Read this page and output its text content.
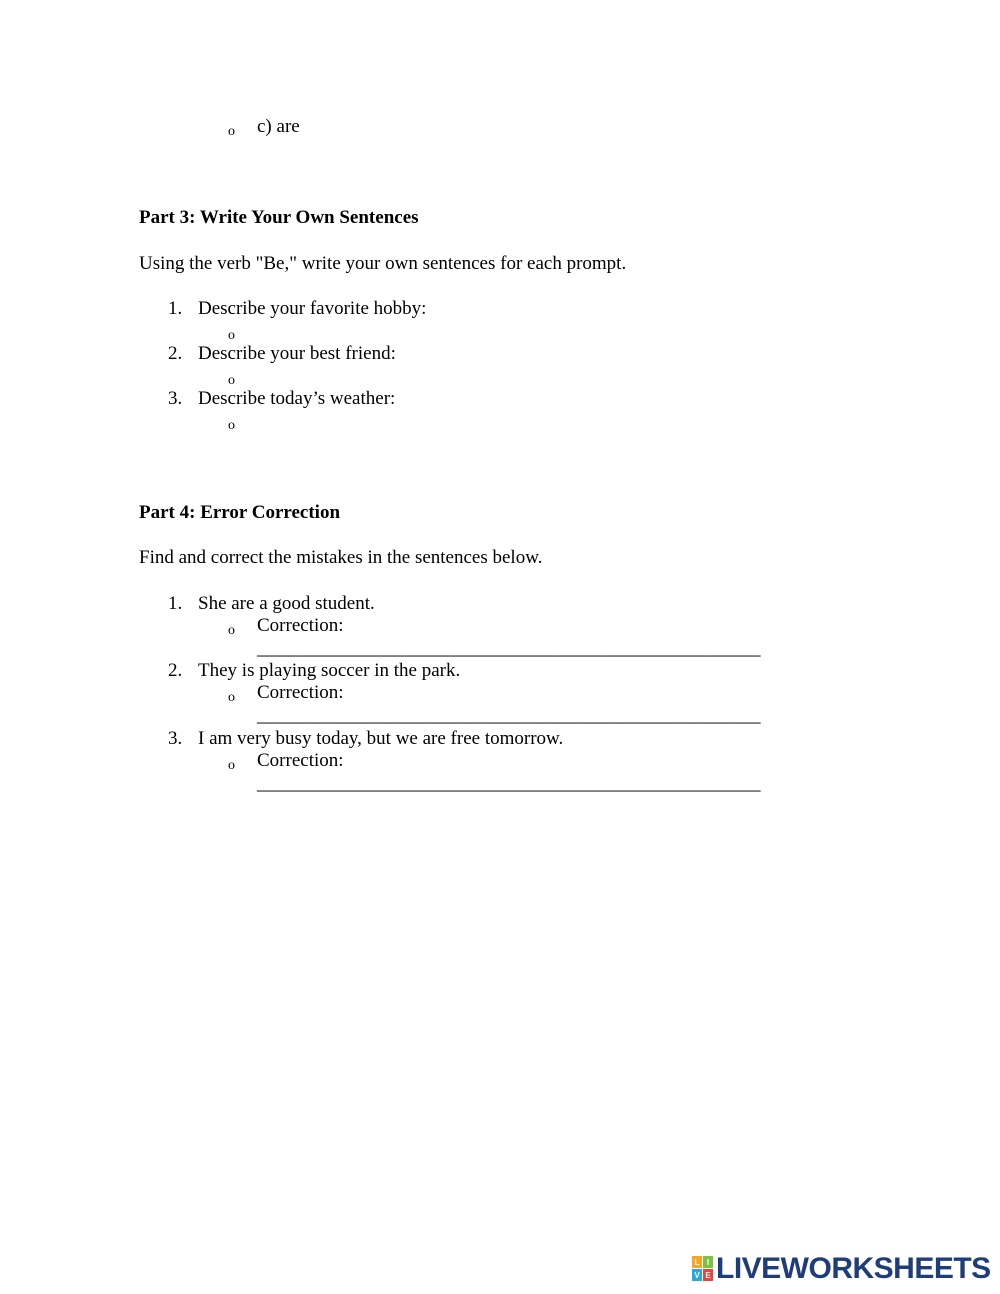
o c) are
Part 3: Write Your Own Sentences
Using the verb "Be," write your own sentences for each prompt.
1. Describe your favorite hobby:
o
2. Describe your best friend:
o
3. Describe today’s weather:
o
Part 4: Error Correction
Find and correct the mistakes in the sentences below.
1. She are a good student.
o Correction:
_____________________________________________________
2. They is playing soccer in the park.
o Correction:
_____________________________________________________
3. I am very busy today, but we are free tomorrow.
o Correction:
_____________________________________________________
L I
V E LIVEWORKSHEETS
